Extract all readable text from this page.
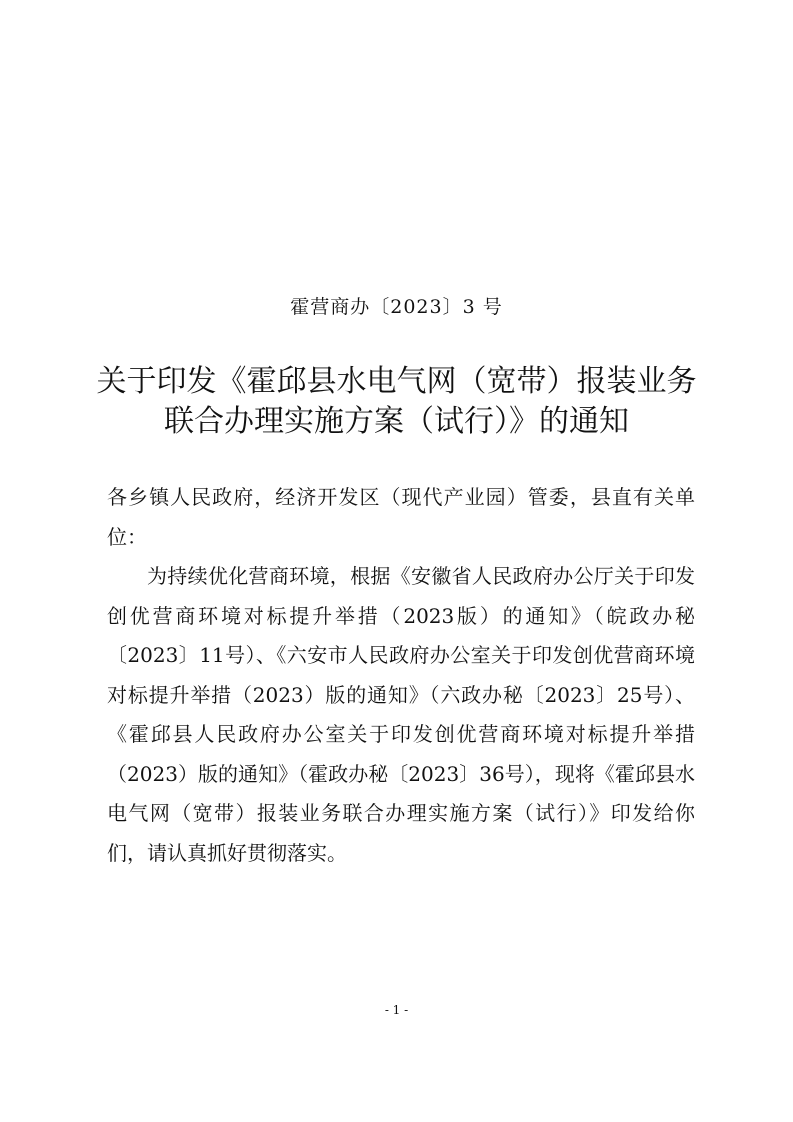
霍营商办〔2023〕3 号
关于印发《霍邱县水电气网（宽带）报装业务
联合办理实施方案（试行）》的通知

各乡镇人民政府，经济开发区（现代产业园）管委，县直有关单位：

为持续优化营商环境，根据《安徽省人民政府办公厅关于印发创优营商环境对标提升举措（2023版）的通知》（皖政办秘〔2023〕11号）、《六安市人民政府办公室关于印发创优营商环境对标提升举措（2023）版的通知》（六政办秘〔2023〕25号）、《霍邱县人民政府办公室关于印发创优营商环境对标提升举措（2023）版的通知》（霍政办秘〔2023〕36号），现将《霍邱县水电气网（宽带）报装业务联合办理实施方案（试行）》印发给你们，请认真抓好贯彻落实。

- 1 -
